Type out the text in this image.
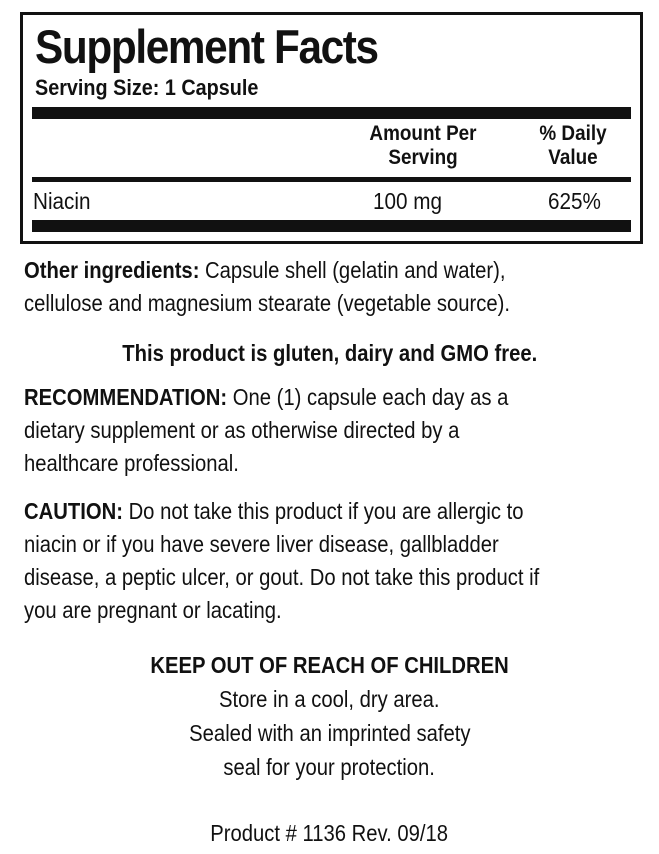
Supplement Facts
Serving Size: 1 Capsule
Amount Per
Serving
% Daily
Value
Niacin	100 mg	625%
Other ingredients: Capsule shell (gelatin and water),
cellulose and magnesium stearate (vegetable source).
This product is gluten, dairy and GMO free.
RECOMMENDATION: One (1) capsule each day as a
dietary supplement or as otherwise directed by a
healthcare professional.
CAUTION: Do not take this product if you are allergic to
niacin or if you have severe liver disease, gallbladder
disease, a peptic ulcer, or gout. Do not take this product if
you are pregnant or lacating.
KEEP OUT OF REACH OF CHILDREN
Store in a cool, dry area.
Sealed with an imprinted safety
seal for your protection.
Product # 1136 Rev. 09/18
